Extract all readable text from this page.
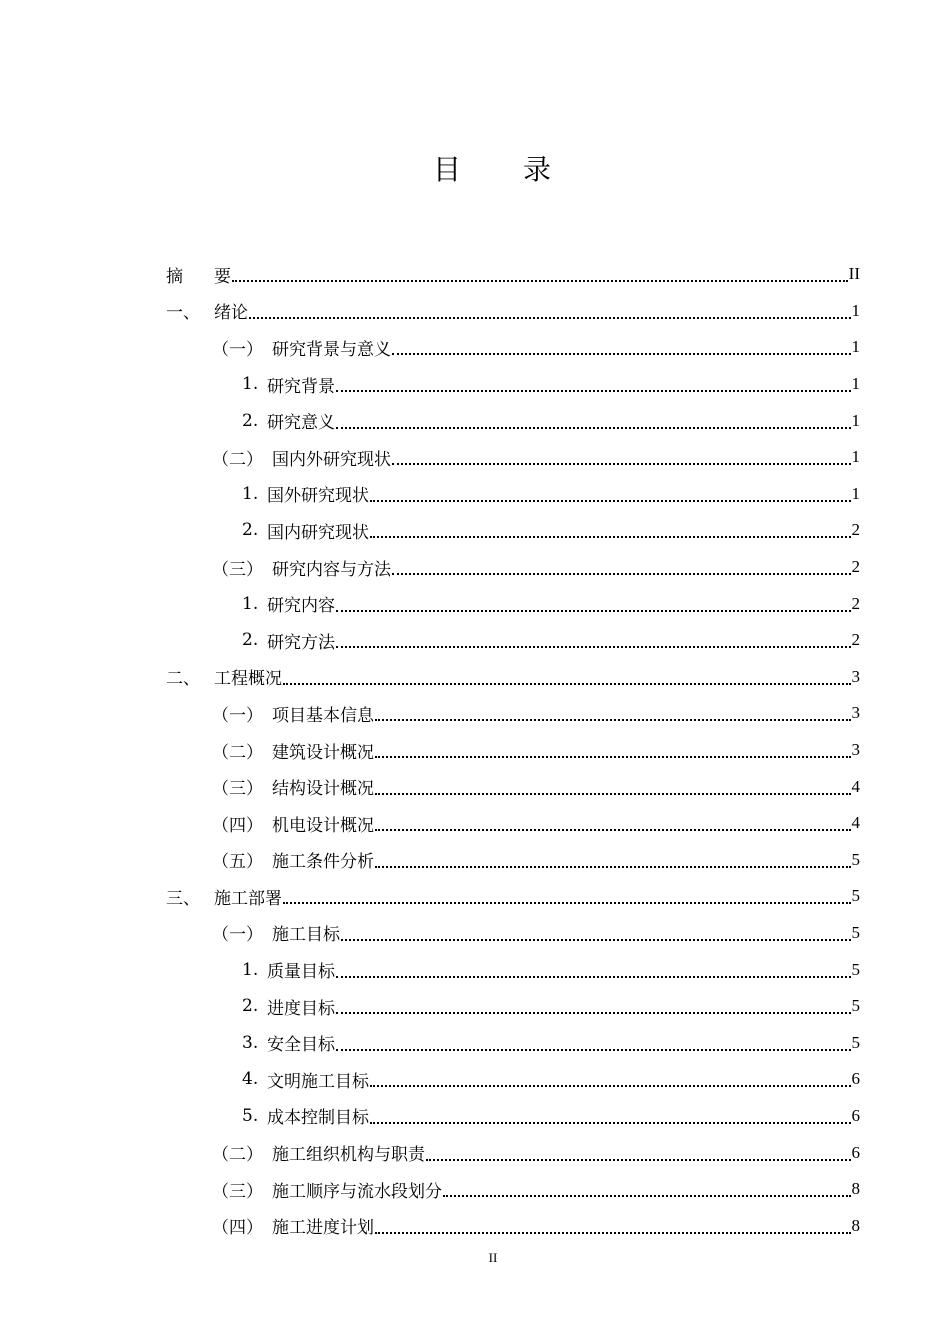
目　　录
摘	要	II
一、 绪论	1
（一） 研究背景与意义	1
1. 研究背景	1
2. 研究意义	1
（二） 国内外研究现状	1
1. 国外研究现状	1
2. 国内研究现状	2
（三） 研究内容与方法	2
1. 研究内容	2
2. 研究方法	2
二、 工程概况	3
（一） 项目基本信息	3
（二） 建筑设计概况	3
（三） 结构设计概况	4
（四） 机电设计概况	4
（五） 施工条件分析	5
三、 施工部署	5
（一） 施工目标	5
1. 质量目标	5
2. 进度目标	5
3. 安全目标	5
4. 文明施工目标	6
5. 成本控制目标	6
（二） 施工组织机构与职责	6
（三） 施工顺序与流水段划分	8
（四） 施工进度计划	8
II
